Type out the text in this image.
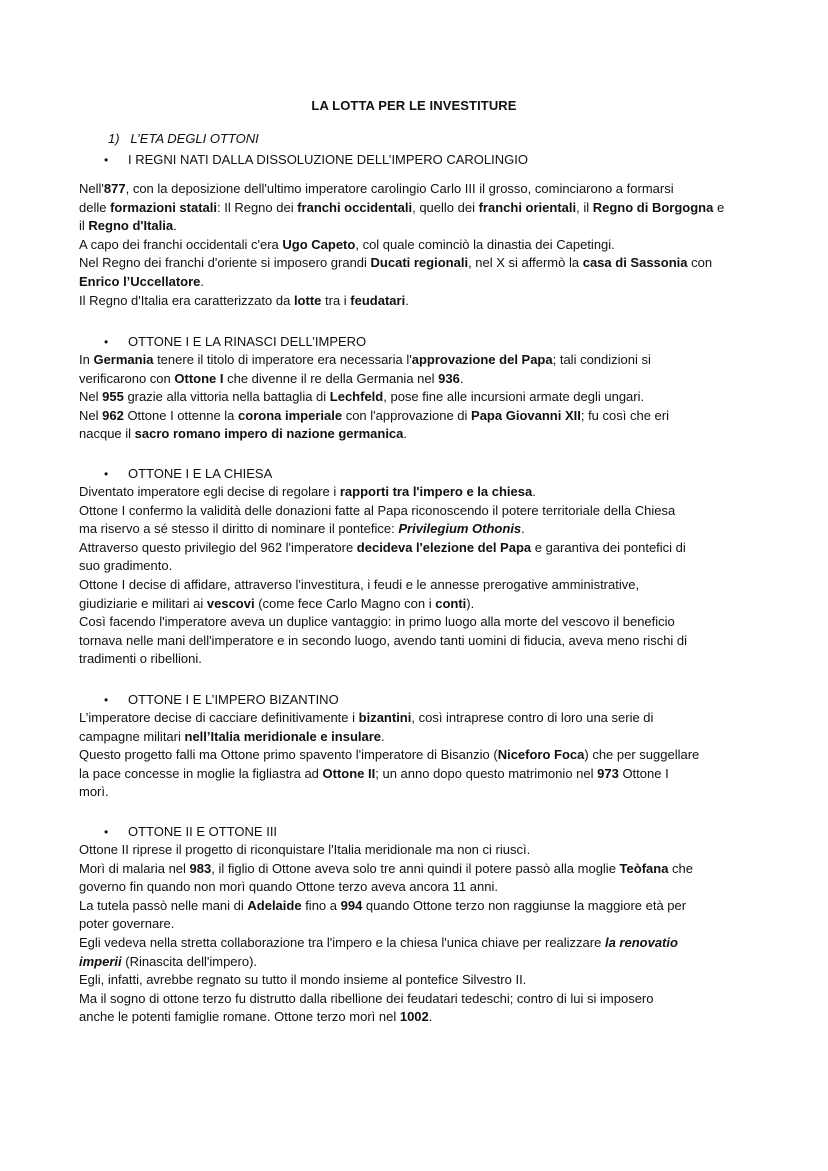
LA LOTTA PER LE INVESTITURE
1) L’ETA DEGLI OTTONI
• I REGNI NATI DALLA DISSOLUZIONE DELL’IMPERO CAROLINGIO

Nell'877, con la deposizione dell'ultimo imperatore carolingio Carlo III il grosso, cominciarono a formarsi

delle formazioni statali: Il Regno dei franchi occidentali, quello dei franchi orientali, il Regno di Borgogna e

il Regno d'Italia.

A capo dei franchi occidentali c'era Ugo Capeto, col quale cominciò la dinastia dei Capetingi.

Nel Regno dei franchi d'oriente si imposero grandi Ducati regionali, nel X si affermò la casa di Sassonia con

Enrico l’Uccellatore.

Il Regno d'Italia era caratterizzato da lotte tra i feudatari.

• OTTONE I E LA RINASCI DELL’IMPERO

In Germania tenere il titolo di imperatore era necessaria l'approvazione del Papa; tali condizioni si

verificarono con Ottone I che divenne il re della Germania nel 936.

Nel 955 grazie alla vittoria nella battaglia di Lechfeld, pose fine alle incursioni armate degli ungari.

Nel 962 Ottone I ottenne la corona imperiale con l'approvazione di Papa Giovanni XII; fu così che eri

nacque il sacro romano impero di nazione germanica.

• OTTONE I E LA CHIESA

Diventato imperatore egli decise di regolare i rapporti tra l'impero e la chiesa.

Ottone I confermo la validità delle donazioni fatte al Papa riconoscendo il potere territoriale della Chiesa

ma riservo a sé stesso il diritto di nominare il pontefice: Privilegium Othonis.

Attraverso questo privilegio del 962 l'imperatore decideva l'elezione del Papa e garantiva dei pontefici di

suo gradimento.

Ottone I decise di affidare, attraverso l'investitura, i feudi e le annesse prerogative amministrative,

giudiziarie e militari ai vescovi (come fece Carlo Magno con i conti).

Così facendo l'imperatore aveva un duplice vantaggio: in primo luogo alla morte del vescovo il beneficio

tornava nelle mani dell'imperatore e in secondo luogo, avendo tanti uomini di fiducia, aveva meno rischi di

tradimenti o ribellioni.

• OTTONE I E L’IMPERO BIZANTINO

L’imperatore decise di cacciare definitivamente i bizantini, così intraprese contro di loro una serie di

campagne militari nell’Italia meridionale e insulare.

Questo progetto falli ma Ottone primo spavento l'imperatore di Bisanzio (Niceforo Foca) che per suggellare

la pace concesse in moglie la figliastra ad Ottone II; un anno dopo questo matrimonio nel 973 Ottone I

morì.

• OTTONE II E OTTONE III

Ottone II riprese il progetto di riconquistare l'Italia meridionale ma non ci riuscì.

Morì di malaria nel 983, il figlio di Ottone aveva solo tre anni quindi il potere passò alla moglie Teòfana che

governo fin quando non morì quando Ottone terzo aveva ancora 11 anni.

La tutela passò nelle mani di Adelaide fino a 994 quando Ottone terzo non raggiunse la maggiore età per

poter governare.

Egli vedeva nella stretta collaborazione tra l'impero e la chiesa l'unica chiave per realizzare la renovatio

imperii (Rinascita dell'impero).

Egli, infatti, avrebbe regnato su tutto il mondo insieme al pontefice Silvestro II.

Ma il sogno di ottone terzo fu distrutto dalla ribellione dei feudatari tedeschi; contro di lui si imposero

anche le potenti famiglie romane. Ottone terzo morì nel 1002.
